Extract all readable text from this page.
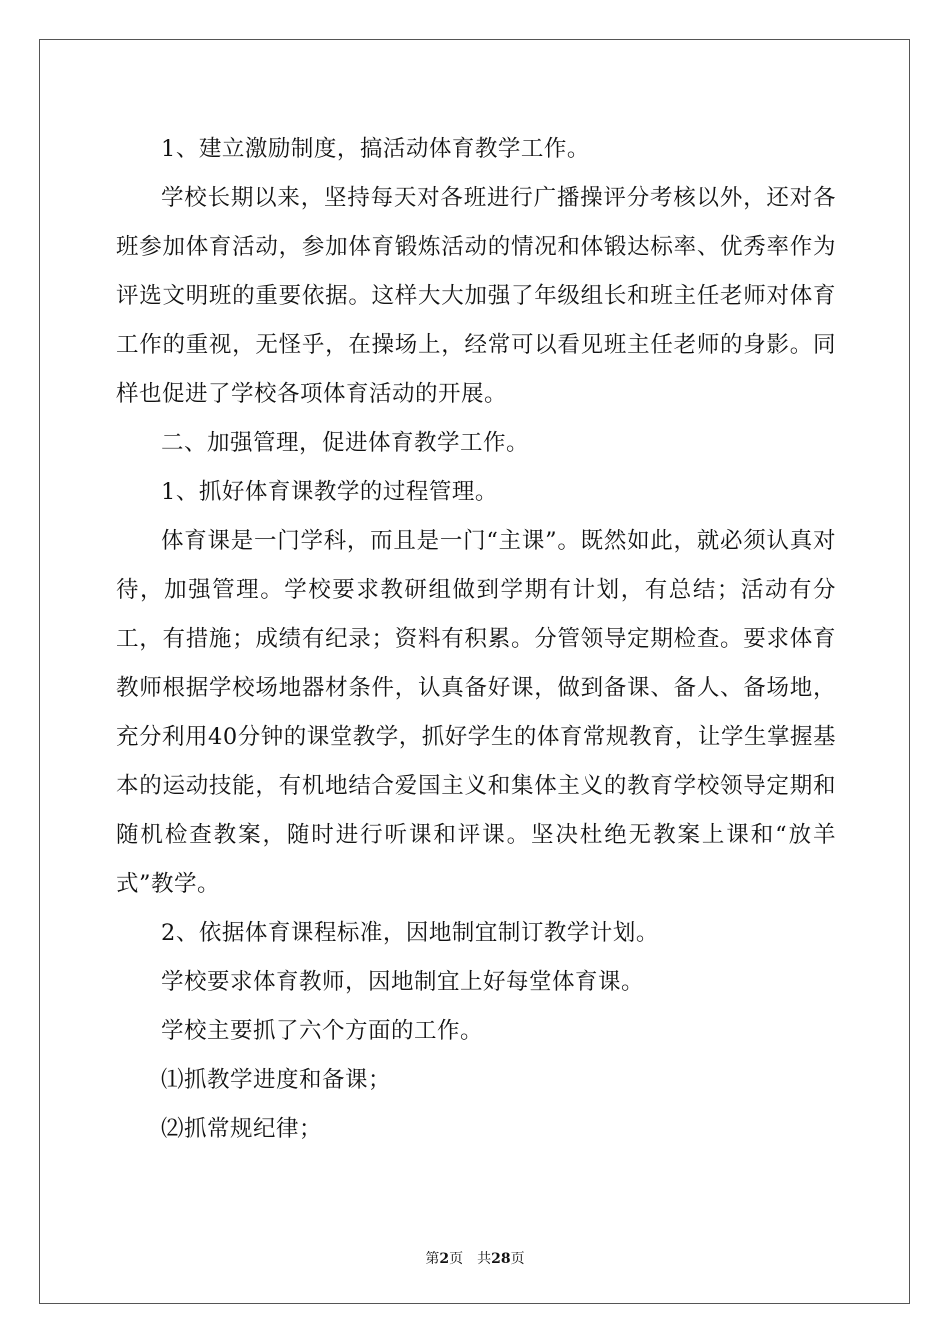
1、建立激励制度，搞活动体育教学工作。

学校长期以来，坚持每天对各班进行广播操评分考核以外，还对各班参加体育活动，参加体育锻炼活动的情况和体锻达标率、优秀率作为评选文明班的重要依据。这样大大加强了年级组长和班主任老师对体育工作的重视，无怪乎，在操场上，经常可以看见班主任老师的身影。同样也促进了学校各项体育活动的开展。

二、加强管理，促进体育教学工作。

1、抓好体育课教学的过程管理。

体育课是一门学科，而且是一门“主课”。既然如此，就必须认真对待，加强管理。学校要求教研组做到学期有计划，有总结；活动有分工，有措施；成绩有纪录；资料有积累。分管领导定期检查。要求体育教师根据学校场地器材条件，认真备好课，做到备课、备人、备场地，充分利用40分钟的课堂教学，抓好学生的体育常规教育，让学生掌握基本的运动技能，有机地结合爱国主义和集体主义的教育学校领导定期和随机检查教案，随时进行听课和评课。坚决杜绝无教案上课和“放羊式”教学。

2、依据体育课程标准，因地制宜制订教学计划。

学校要求体育教师，因地制宜上好每堂体育课。

学校主要抓了六个方面的工作。

⑴抓教学进度和备课；

⑵抓常规纪律；

第2页　共28页
